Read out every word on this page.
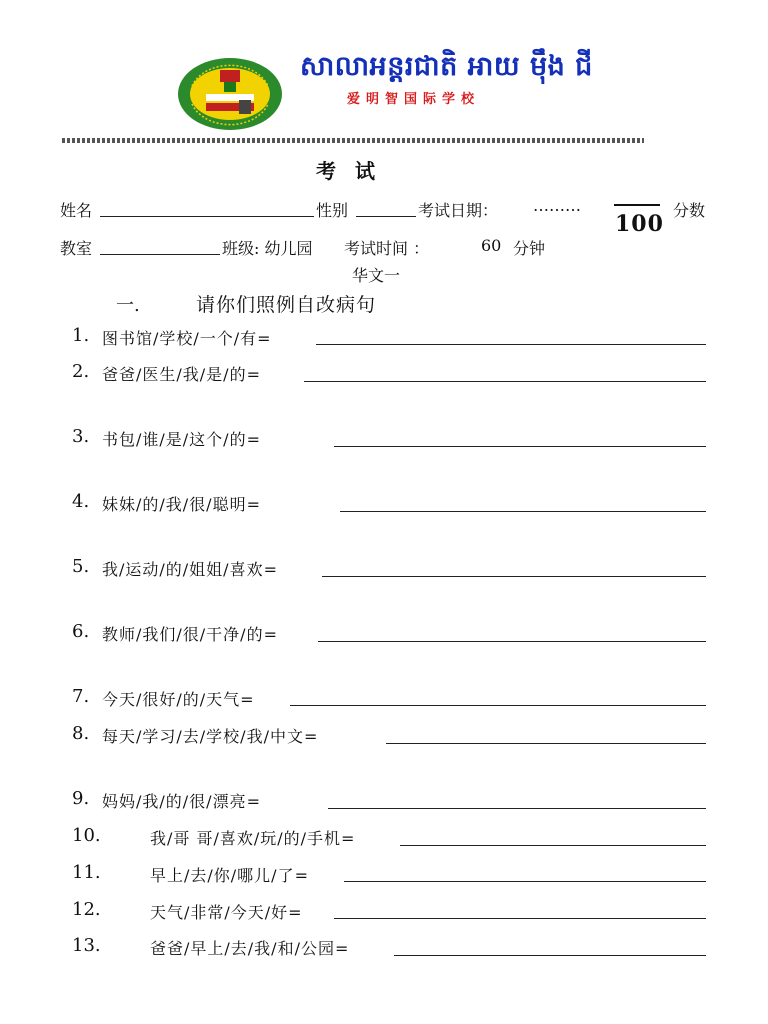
សាលាអន្តរជាតិ អាយ ម៉ឹង ជី
爱明智国际学校
考 试
姓名	性别	考试日期： ………
100
分数
教室	班级: 幼儿园 考试时间 ：	60 分钟
华文一
一.	请你们照例自改病句
1. 图书馆/学校/一个/有=
2. 爸爸/医生/我/是/的=
3. 书包/谁/是/这个/的=
4. 妹妹/的/我/很/聪明=
5. 我/运动/的/姐姐/喜欢=
6. 教师/我们/很/干净/的=
7. 今天/很好/的/天气=
8. 每天/学习/去/学校/我/中文=
9. 妈妈/我/的/很/漂亮=
10.	我/哥 哥/喜欢/玩/的/手机=
11.	早上/去/你/哪儿/了=
12.	天气/非常/今天/好=
13.	爸爸/早上/去/我/和/公园=
